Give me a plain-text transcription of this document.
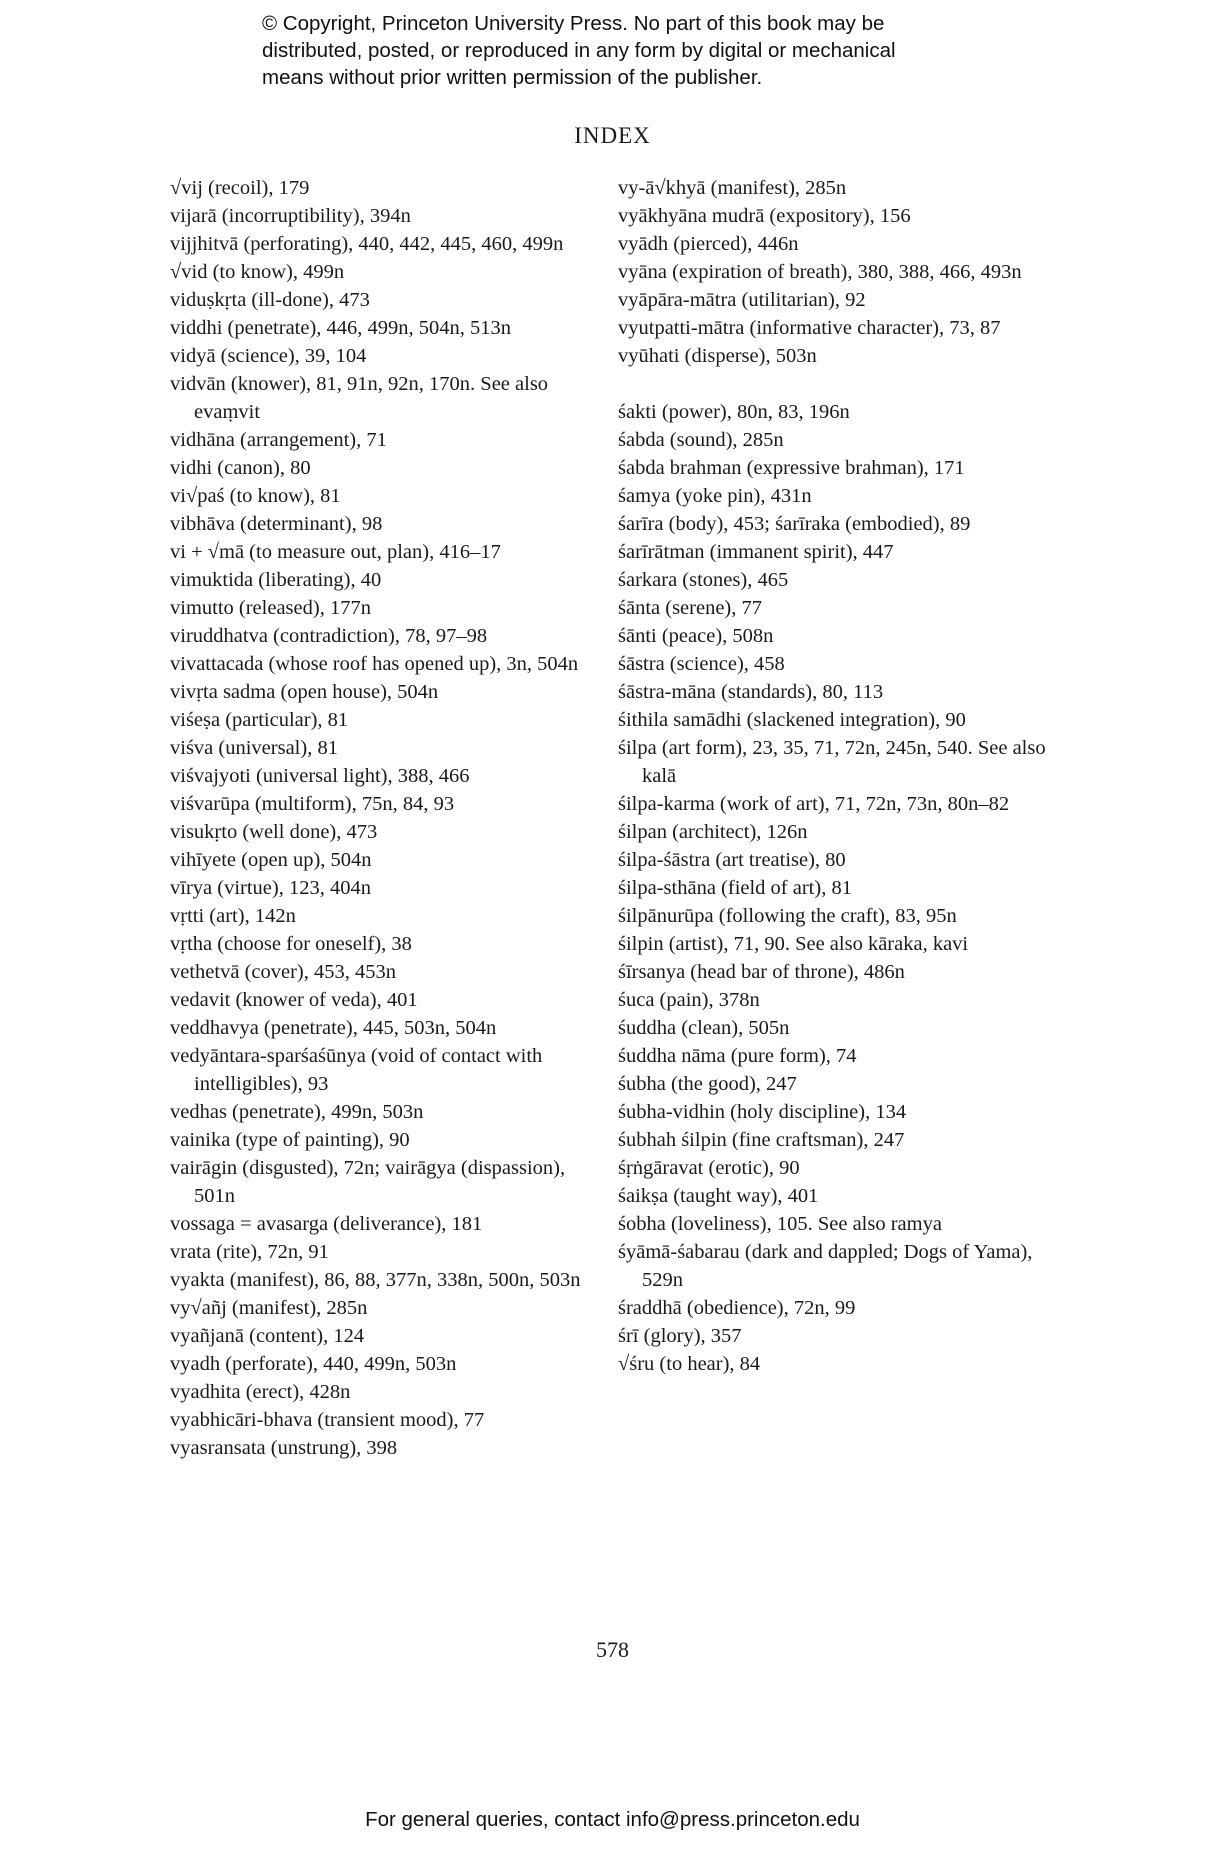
© Copyright, Princeton University Press. No part of this book may be
distributed, posted, or reproduced in any form by digital or mechanical
means without prior written permission of the publisher.
INDEX
√vij (recoil), 179
vijarā (incorruptibility), 394n
vijjhitvā (perforating), 440, 442, 445, 460, 499n
√vid (to know), 499n
viduṣkṛta (ill-done), 473
viddhi (penetrate), 446, 499n, 504n, 513n
vidyā (science), 39, 104
vidvān (knower), 81, 91n, 92n, 170n. See also evaṃvit
vidhāna (arrangement), 71
vidhi (canon), 80
vi√paś (to know), 81
vibhāva (determinant), 98
vi + √mā (to measure out, plan), 416–17
vimuktida (liberating), 40
vimutto (released), 177n
viruddhatva (contradiction), 78, 97–98
vivattacada (whose roof has opened up), 3n, 504n
vivṛta sadma (open house), 504n
viśeṣa (particular), 81
viśva (universal), 81
viśvajyoti (universal light), 388, 466
viśvarūpa (multiform), 75n, 84, 93
visukṛto (well done), 473
vihīyete (open up), 504n
vīrya (virtue), 123, 404n
vṛtti (art), 142n
vṛtha (choose for oneself), 38
vethetvā (cover), 453, 453n
vedavit (knower of veda), 401
veddhavya (penetrate), 445, 503n, 504n
vedyāntara-sparśaśūnya (void of contact with intelligibles), 93
vedhas (penetrate), 499n, 503n
vainika (type of painting), 90
vairāgin (disgusted), 72n; vairāgya (dispassion), 501n
vossaga = avasarga (deliverance), 181
vrata (rite), 72n, 91
vyakta (manifest), 86, 88, 377n, 338n, 500n, 503n
vy√añj (manifest), 285n
vyañjanā (content), 124
vyadh (perforate), 440, 499n, 503n
vyadhita (erect), 428n
vyabhicāri-bhava (transient mood), 77
vyasransata (unstrung), 398
vy-ā√khyā (manifest), 285n
vyākhyāna mudrā (expository), 156
vyādh (pierced), 446n
vyāna (expiration of breath), 380, 388, 466, 493n
vyāpāra-mātra (utilitarian), 92
vyutpatti-mātra (informative character), 73, 87
vyūhati (disperse), 503n
śakti (power), 80n, 83, 196n
śabda (sound), 285n
śabda brahman (expressive brahman), 171
śamya (yoke pin), 431n
śarīra (body), 453; śarīraka (embodied), 89
śarīrātman (immanent spirit), 447
śarkara (stones), 465
śānta (serene), 77
śānti (peace), 508n
śāstra (science), 458
śāstra-māna (standards), 80, 113
śithila samādhi (slackened integration), 90
śilpa (art form), 23, 35, 71, 72n, 245n, 540. See also kalā
śilpa-karma (work of art), 71, 72n, 73n, 80n–82
śilpan (architect), 126n
śilpa-śāstra (art treatise), 80
śilpa-sthāna (field of art), 81
śilpānurūpa (following the craft), 83, 95n
śilpin (artist), 71, 90. See also kāraka, kavi
śīrsanya (head bar of throne), 486n
śuca (pain), 378n
śuddha (clean), 505n
śuddha nāma (pure form), 74
śubha (the good), 247
śubha-vidhin (holy discipline), 134
śubhah śilpin (fine craftsman), 247
śṛṅgāravat (erotic), 90
śaikṣa (taught way), 401
śobha (loveliness), 105. See also ramya
śyāmā-śabarau (dark and dappled; Dogs of Yama), 529n
śraddhā (obedience), 72n, 99
śrī (glory), 357
√śru (to hear), 84
578
For general queries, contact info@press.princeton.edu
